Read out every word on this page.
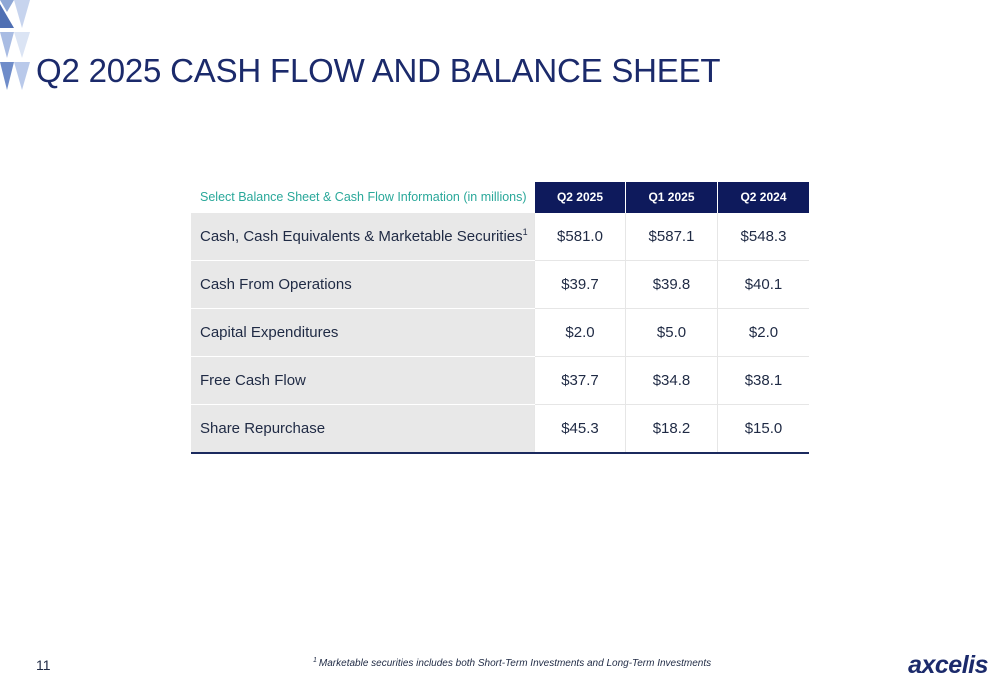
Q2 2025 CASH FLOW AND BALANCE SHEET
Select Balance Sheet & Cash Flow Information (in millions)	Q2 2025	Q1 2025	Q2 2024
Cash, Cash Equivalents & Marketable Securities$^1$	$581.0	$587.1	$548.3
Cash From Operations	$39.7	$39.8	$40.1
Capital Expenditures	$2.0	$5.0	$2.0
Free Cash Flow	$37.7	$34.8	$38.1
Share Repurchase	$45.3	$18.2	$15.0
11	$^1$ Marketable securities includes both Short-Term Investments and Long-Term Investments	axcelis
